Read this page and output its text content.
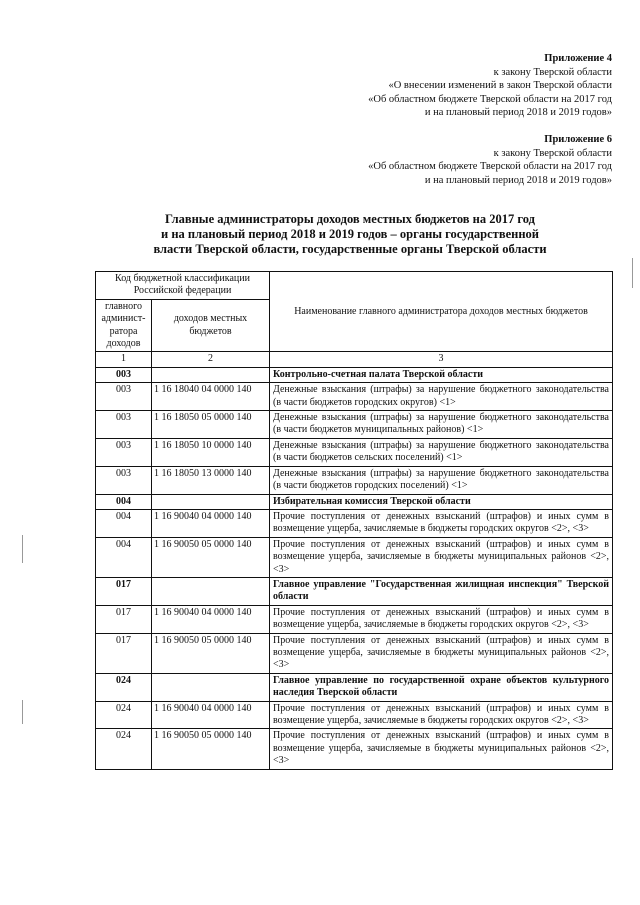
Приложение 4
к закону Тверской области
«О внесении изменений в закон Тверской области
«Об областном бюджете Тверской области на 2017 год
и на плановый период 2018 и 2019 годов»
Приложение 6
к закону Тверской области
«Об областном бюджете Тверской области на 2017 год
и на плановый период 2018 и 2019 годов»
Главные администраторы доходов местных бюджетов на 2017 год
и на плановый период 2018 и 2019 годов – органы государственной
власти Тверской области, государственные органы Тверской области
Код бюджетной классификации Российской федерации		Наименование главного администратора доходов местных бюджетов
главного админист-ратора доходов	доходов местных бюджетов	
1	2	3
003		Контрольно-счетная палата Тверской области
003	1 16 18040 04 0000 140	Денежные взыскания (штрафы) за нарушение бюджетного законодательства (в части бюджетов городских округов) <1>
003	1 16 18050 05 0000 140	Денежные взыскания (штрафы) за нарушение бюджетного законодательства (в части бюджетов муниципальных районов) <1>
003	1 16 18050 10 0000 140	Денежные взыскания (штрафы) за нарушение бюджетного законодательства (в части бюджетов сельских поселений) <1>
003	1 16 18050 13 0000 140	Денежные взыскания (штрафы) за нарушение бюджетного законодательства (в части бюджетов городских поселений) <1>
004		Избирательная комиссия Тверской области
004	1 16 90040 04 0000 140	Прочие поступления от денежных взысканий (штрафов) и иных сумм в возмещение ущерба, зачисляемые в бюджеты городских округов <2>, <3>
004	1 16 90050 05 0000 140	Прочие поступления от денежных взысканий (штрафов) и иных сумм в возмещение ущерба, зачисляемые в бюджеты муниципальных районов <2>, <3>
017		Главное управление "Государственная жилищная инспекция" Тверской области
017	1 16 90040 04 0000 140	Прочие поступления от денежных взысканий (штрафов) и иных сумм в возмещение ущерба, зачисляемые в бюджеты городских округов <2>, <3>
017	1 16 90050 05 0000 140	Прочие поступления от денежных взысканий (штрафов) и иных сумм в возмещение ущерба, зачисляемые в бюджеты муниципальных районов <2>, <3>
024		Главное управление по государственной охране объектов культурного наследия Тверской области
024	1 16 90040 04 0000 140	Прочие поступления от денежных взысканий (штрафов) и иных сумм в возмещение ущерба, зачисляемые в бюджеты городских округов <2>, <3>
024	1 16 90050 05 0000 140	Прочие поступления от денежных взысканий (штрафов) и иных сумм в возмещение ущерба, зачисляемые в бюджеты муниципальных районов <2>, <3>
